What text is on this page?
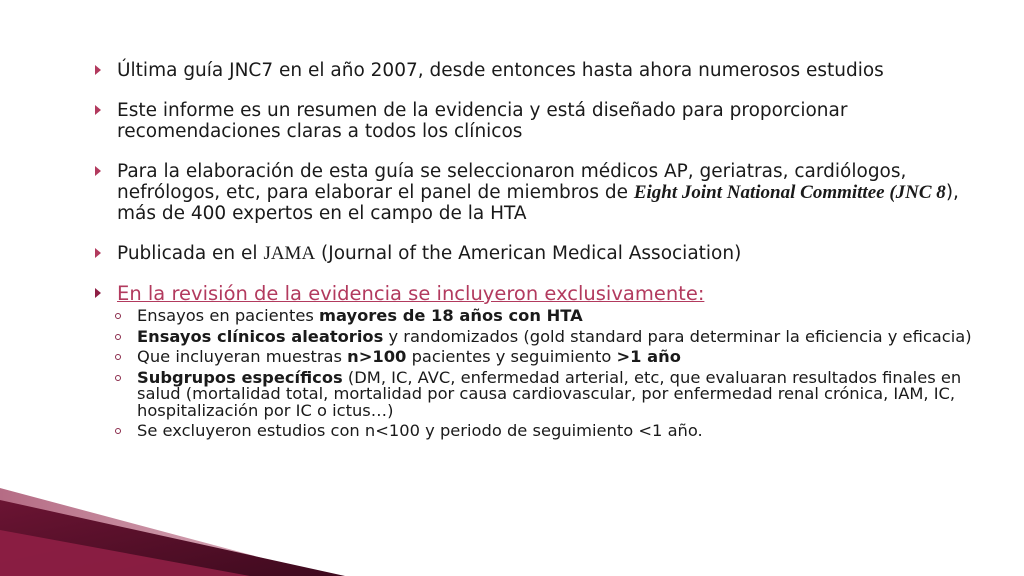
Última guía JNC7 en el año 2007, desde entonces hasta ahora numerosos estudios
Este informe es un resumen de la evidencia y está diseñado para proporcionar recomendaciones claras a todos los clínicos
Para la elaboración de esta guía se seleccionaron médicos AP, geriatras, cardiólogos, nefrólogos, etc, para elaborar el panel de miembros de Eight Joint National Committee (JNC 8), más de 400 expertos en el campo de la HTA
Publicada en el JAMA (Journal of the American Medical Association)
En la revisión de la evidencia se incluyeron exclusivamente:
Ensayos en pacientes mayores de 18 años con HTA
Ensayos clínicos aleatorios y randomizados (gold standard para determinar la eficiencia y eficacia)
Que incluyeran muestras n>100 pacientes y seguimiento >1 año
Subgrupos específicos (DM, IC, AVC, enfermedad arterial, etc, que evaluaran resultados finales en salud (mortalidad total, mortalidad por causa cardiovascular, por enfermedad renal crónica, IAM, IC, hospitalización por IC o ictus…)
Se excluyeron estudios con n<100 y periodo de seguimiento <1 año.
